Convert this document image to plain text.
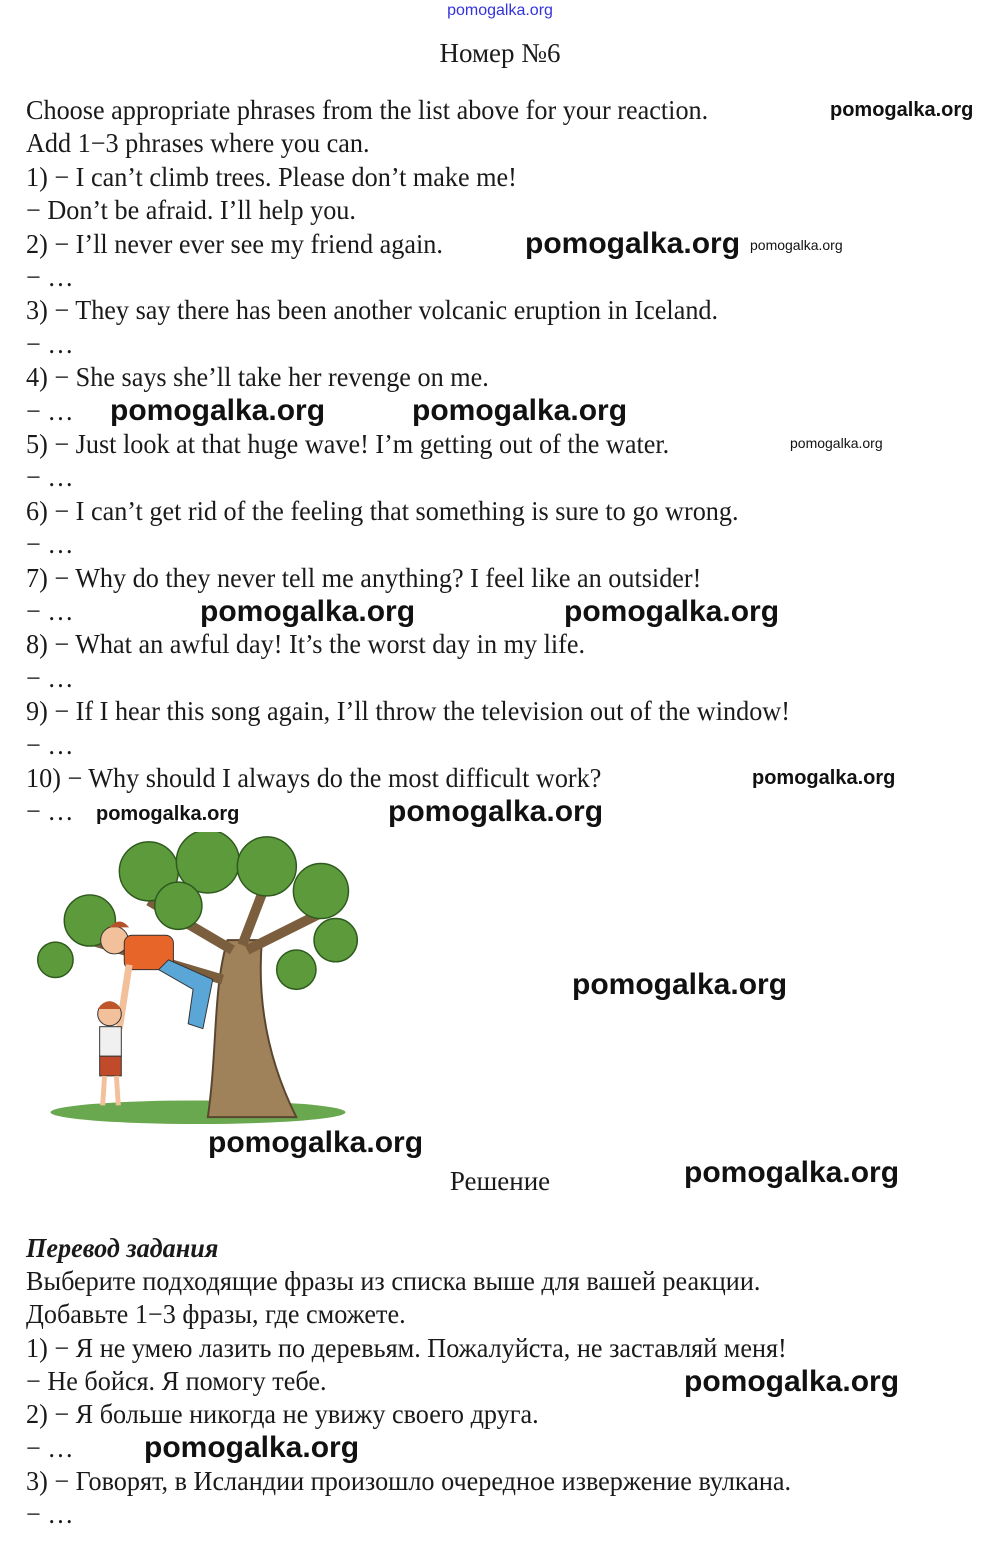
pomogalka.org
Номер №6
Choose appropriate phrases from the list above for your reaction.
Add 1−3 phrases where you can.
1) − I can’t climb trees. Please don’t make me!
− Don’t be afraid. I’ll help you.
2) − I’ll never ever see my friend again.
− …
3) − They say there has been another volcanic eruption in Iceland.
− …
4) − She says she’ll take her revenge on me.
− …
5) − Just look at that huge wave! I’m getting out of the water.
− …
6) − I can’t get rid of the feeling that something is sure to go wrong.
− …
7) − Why do they never tell me anything? I feel like an outsider!
− …
8) − What an awful day! It’s the worst day in my life.
− …
9) − If I hear this song again, I’ll throw the television out of the window!
− …
10) − Why should I always do the most difficult work?
− …
Решение
Перевод задания
Выберите подходящие фразы из списка выше для вашей реакции.
Добавьте 1−3 фразы, где сможете.
1) − Я не умею лазить по деревьям. Пожалуйста, не заставляй меня!
− Не бойся. Я помогу тебе.
2) − Я больше никогда не увижу своего друга.
− …
3) − Говорят, в Исландии произошло очередное извержение вулкана.
− …
pomogalka.org
pomogalka.org
pomogalka.org
pomogalka.org	pomogalka.org
pomogalka.org
pomogalka.org	pomogalka.org
pomogalka.org
pomogalka.org
pomogalka.org
pomogalka.org
pomogalka.org
pomogalka.org
pomogalka.org
pomogalka.org
